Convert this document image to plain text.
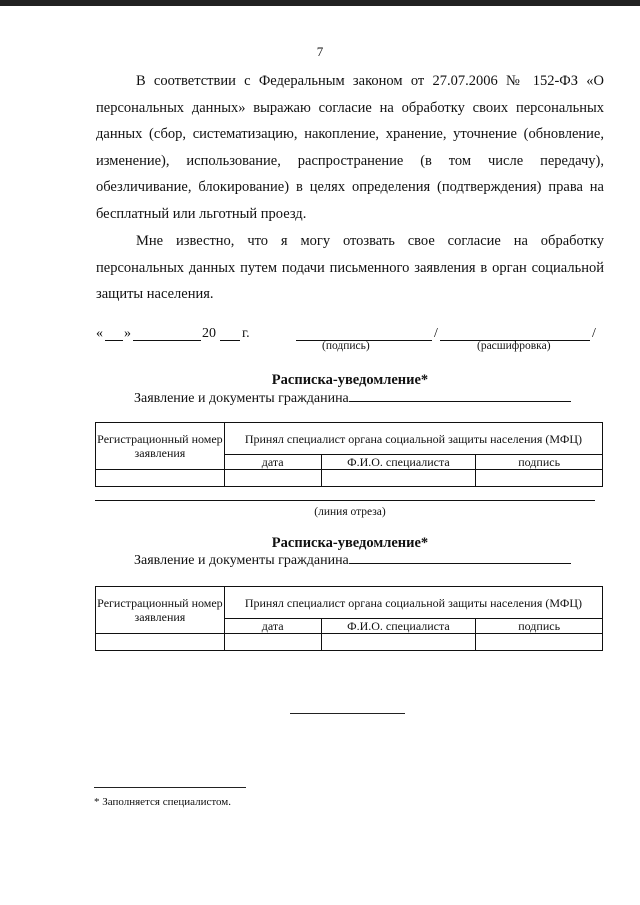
7

В соответствии с Федеральным законом от 27.07.2006 № 152-ФЗ «О персональных данных» выражаю согласие на обработку своих персональных данных (сбор, систематизацию, накопление, хранение, уточнение (обновление, изменение), использование, распространение (в том числе передачу), обезличивание, блокирование) в целях определения (подтверждения) права на бесплатный или льготный проезд.

Мне известно, что я могу отозвать свое согласие на обработку персональных данных путем подачи письменного заявления в орган социальной защиты населения.

« »	20 г.	/	/
(подпись)	(расшифровка)
Расписка-уведомление*
Заявление и документы гражданина
Регистрационный номер заявления	Принял специалист органа социальной защиты населения (МФЦ)		
	дата	Ф.И.О. специалиста	подпись

(линия отреза)
Расписка-уведомление*
Заявление и документы гражданина
Регистрационный номер заявления	Принял специалист органа социальной защиты населения (МФЦ)		
	дата	Ф.И.О. специалиста	подпись

* Заполняется специалистом.
